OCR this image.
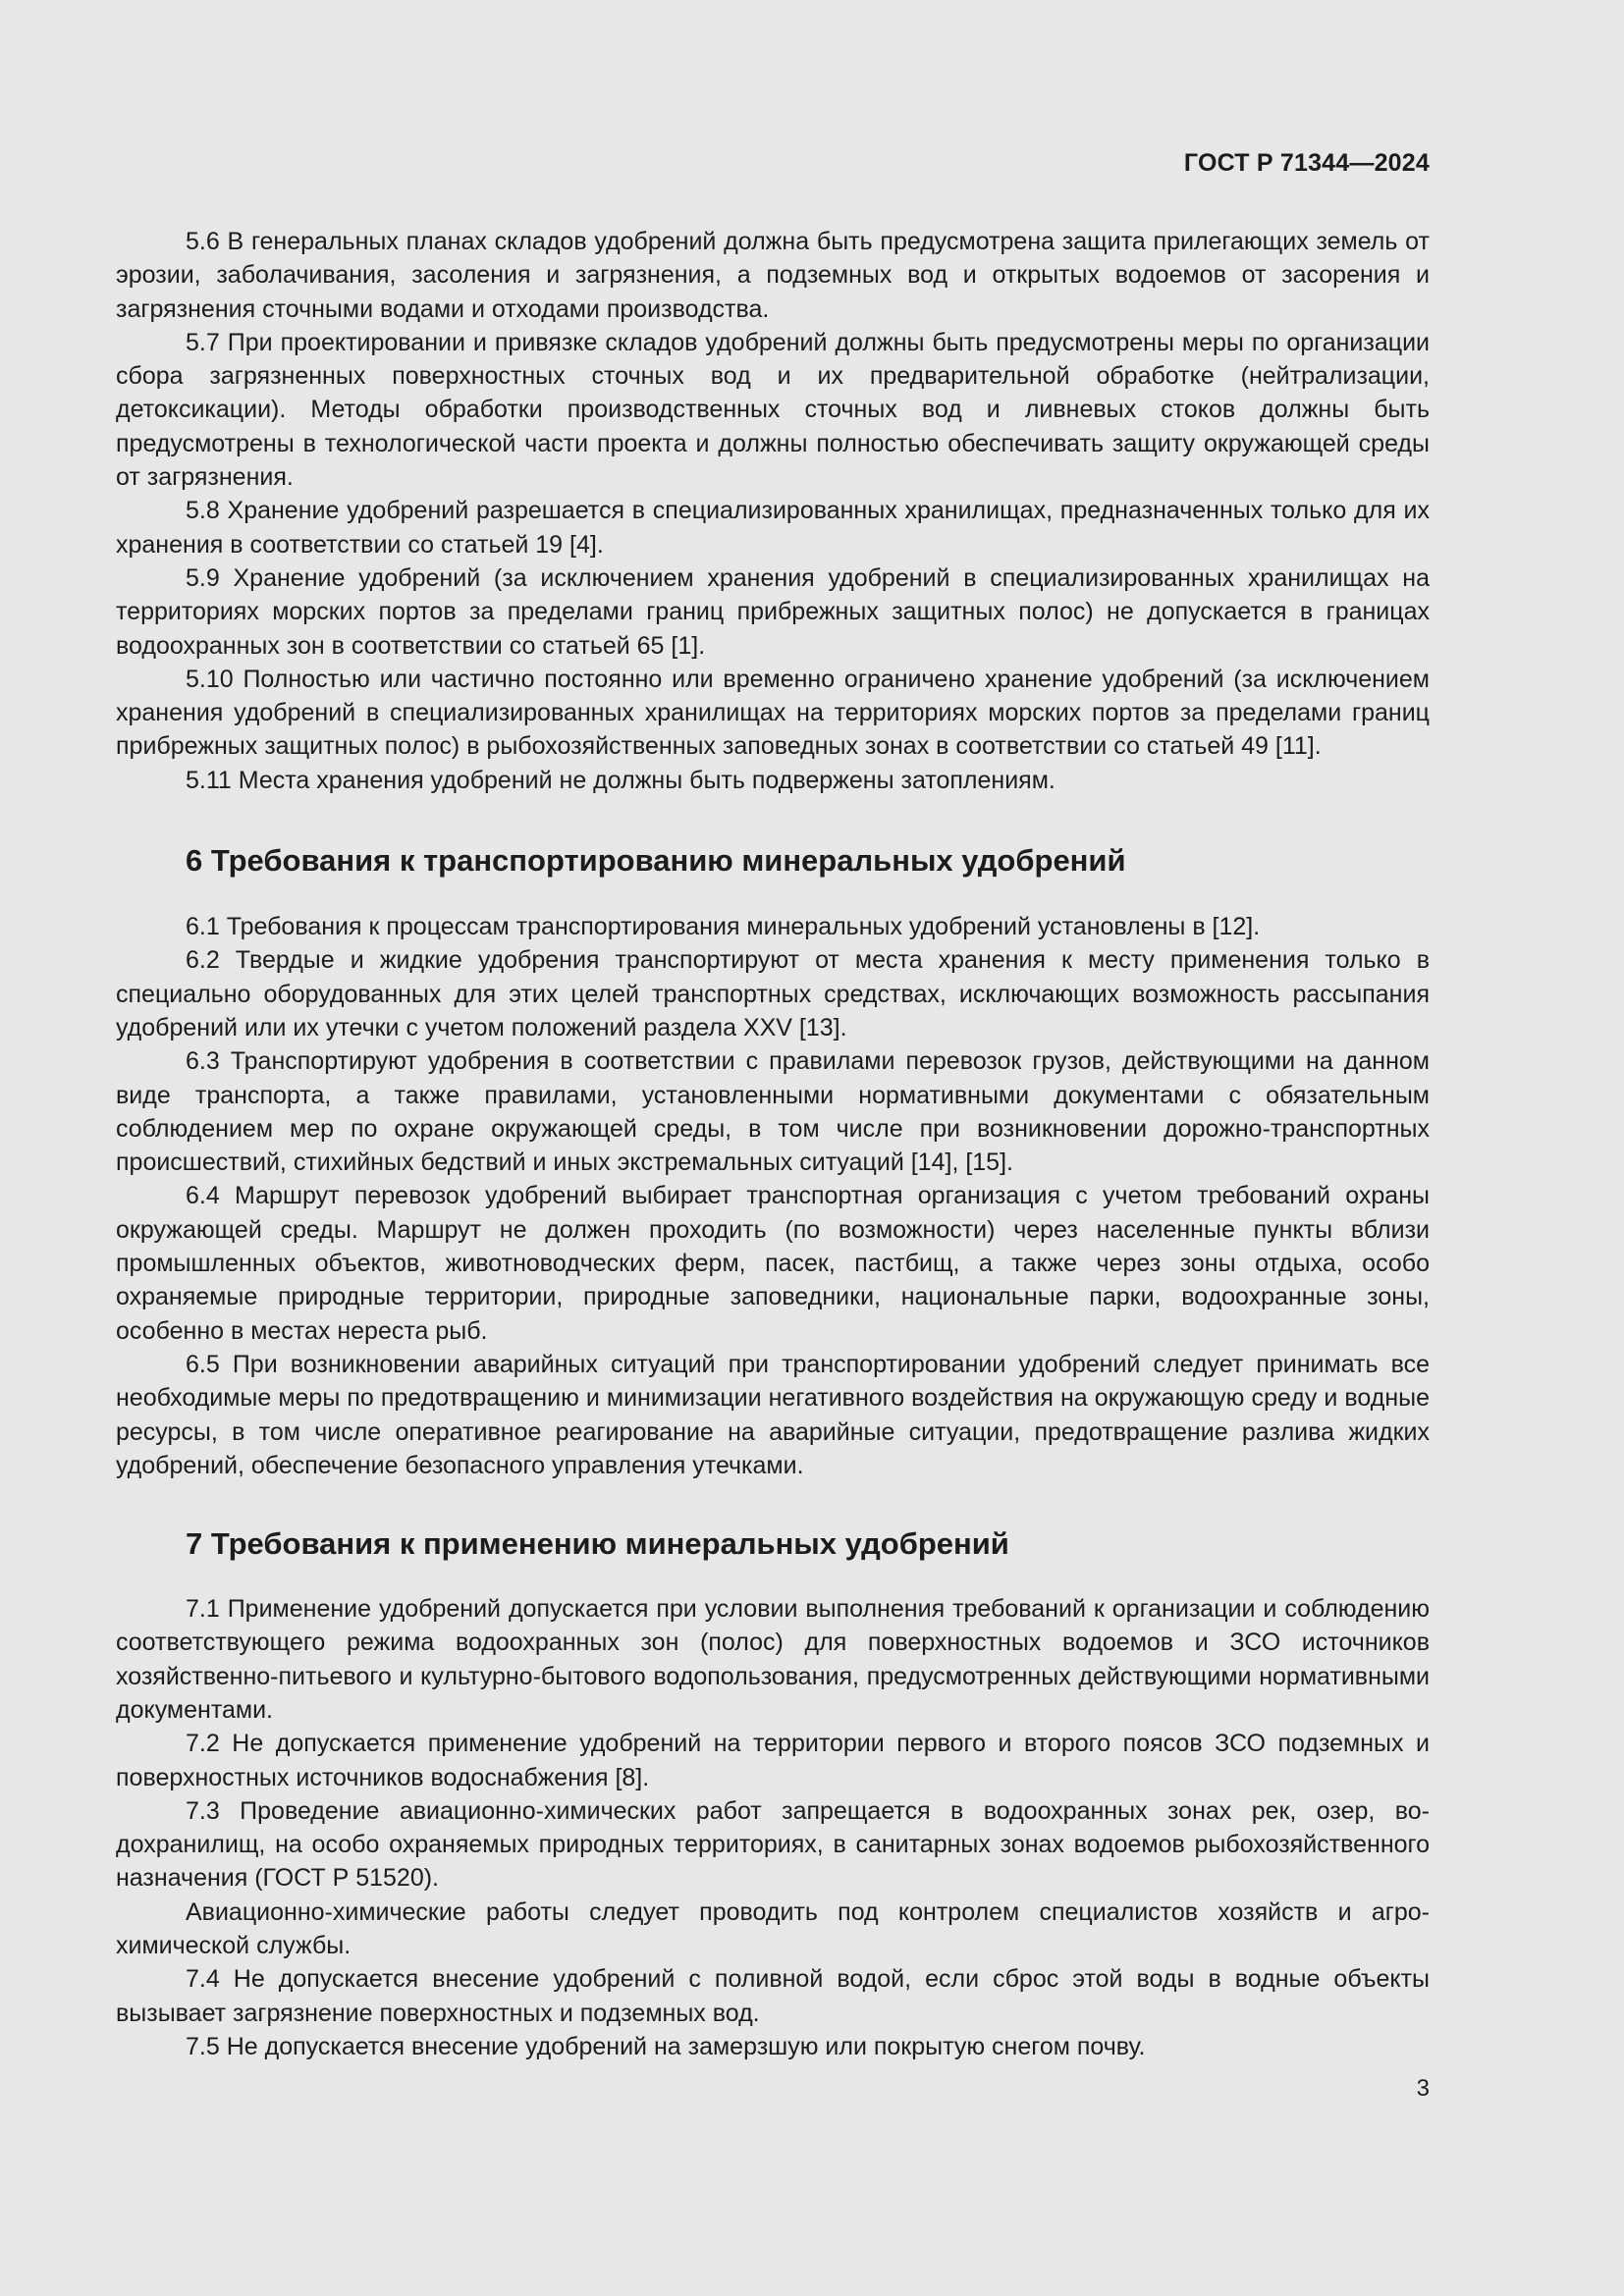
ГОСТ Р 71344—2024

5.6 В генеральных планах складов удобрений должна быть предусмотрена защита прилегающих земель от эрозии, заболачивания, засоления и загрязнения, а подземных вод и открытых водоемов от засорения и загрязнения сточными водами и отходами производства.

5.7 При проектировании и привязке складов удобрений должны быть предусмотрены меры по организации сбора загрязненных поверхностных сточных вод и их предварительной обработке (нейтрализации, детоксикации). Методы обработки производственных сточных вод и ливневых стоков должны быть предусмотрены в технологической части проекта и должны полностью обеспечивать защиту окружающей среды от загрязнения.

5.8 Хранение удобрений разрешается в специализированных хранилищах, предназначенных только для их хранения в соответствии со статьей 19 [4].

5.9 Хранение удобрений (за исключением хранения удобрений в специализированных хранилищах на территориях морских портов за пределами границ прибрежных защитных полос) не допускается в границах водоохранных зон в соответствии со статьей 65 [1].

5.10 Полностью или частично постоянно или временно ограничено хранение удобрений (за исключением хранения удобрений в специализированных хранилищах на территориях морских портов за пределами границ прибрежных защитных полос) в рыбохозяйственных заповедных зонах в соответствии со статьей 49 [11].

5.11 Места хранения удобрений не должны быть подвержены затоплениям.

6 Требования к транспортированию минеральных удобрений

6.1 Требования к процессам транспортирования минеральных удобрений установлены в [12].

6.2 Твердые и жидкие удобрения транспортируют от места хранения к месту применения только в специально оборудованных для этих целей транспортных средствах, исключающих возможность рассыпания удобрений или их утечки с учетом положений раздела XXV [13].

6.3 Транспортируют удобрения в соответствии с правилами перевозок грузов, действующими на данном виде транспорта, а также правилами, установленными нормативными документами с обязательным соблюдением мер по охране окружающей среды, в том числе при возникновении дорожно-транспортных происшествий, стихийных бедствий и иных экстремальных ситуаций [14], [15].

6.4 Маршрут перевозок удобрений выбирает транспортная организация с учетом требований охраны окружающей среды. Маршрут не должен проходить (по возможности) через населенные пункты вблизи промышленных объектов, животноводческих ферм, пасек, пастбищ, а также через зоны отдыха, особо охраняемые природные территории, природные заповедники, национальные парки, водоохранные зоны, особенно в местах нереста рыб.

6.5 При возникновении аварийных ситуаций при транспортировании удобрений следует принимать все необходимые меры по предотвращению и минимизации негативного воздействия на окружающую среду и водные ресурсы, в том числе оперативное реагирование на аварийные ситуации, предотвращение разлива жидких удобрений, обеспечение безопасного управления утечками.

7 Требования к применению минеральных удобрений

7.1 Применение удобрений допускается при условии выполнения требований к организации и соблюдению соответствующего режима водоохранных зон (полос) для поверхностных водоемов и ЗСО источников хозяйственно-питьевого и культурно-бытового водопользования, предусмотренных действующими нормативными документами.

7.2 Не допускается применение удобрений на территории первого и второго поясов ЗСО подземных и поверхностных источников водоснабжения [8].

7.3 Проведение авиационно-химических работ запрещается в водоохранных зонах рек, озер, водохранилищ, на особо охраняемых природных территориях, в санитарных зонах водоемов рыбохозяйственного назначения (ГОСТ Р 51520).

Авиационно-химические работы следует проводить под контролем специалистов хозяйств и агрохимической службы.

7.4 Не допускается внесение удобрений с поливной водой, если сброс этой воды в водные объекты вызывает загрязнение поверхностных и подземных вод.

7.5 Не допускается внесение удобрений на замерзшую или покрытую снегом почву.

3
